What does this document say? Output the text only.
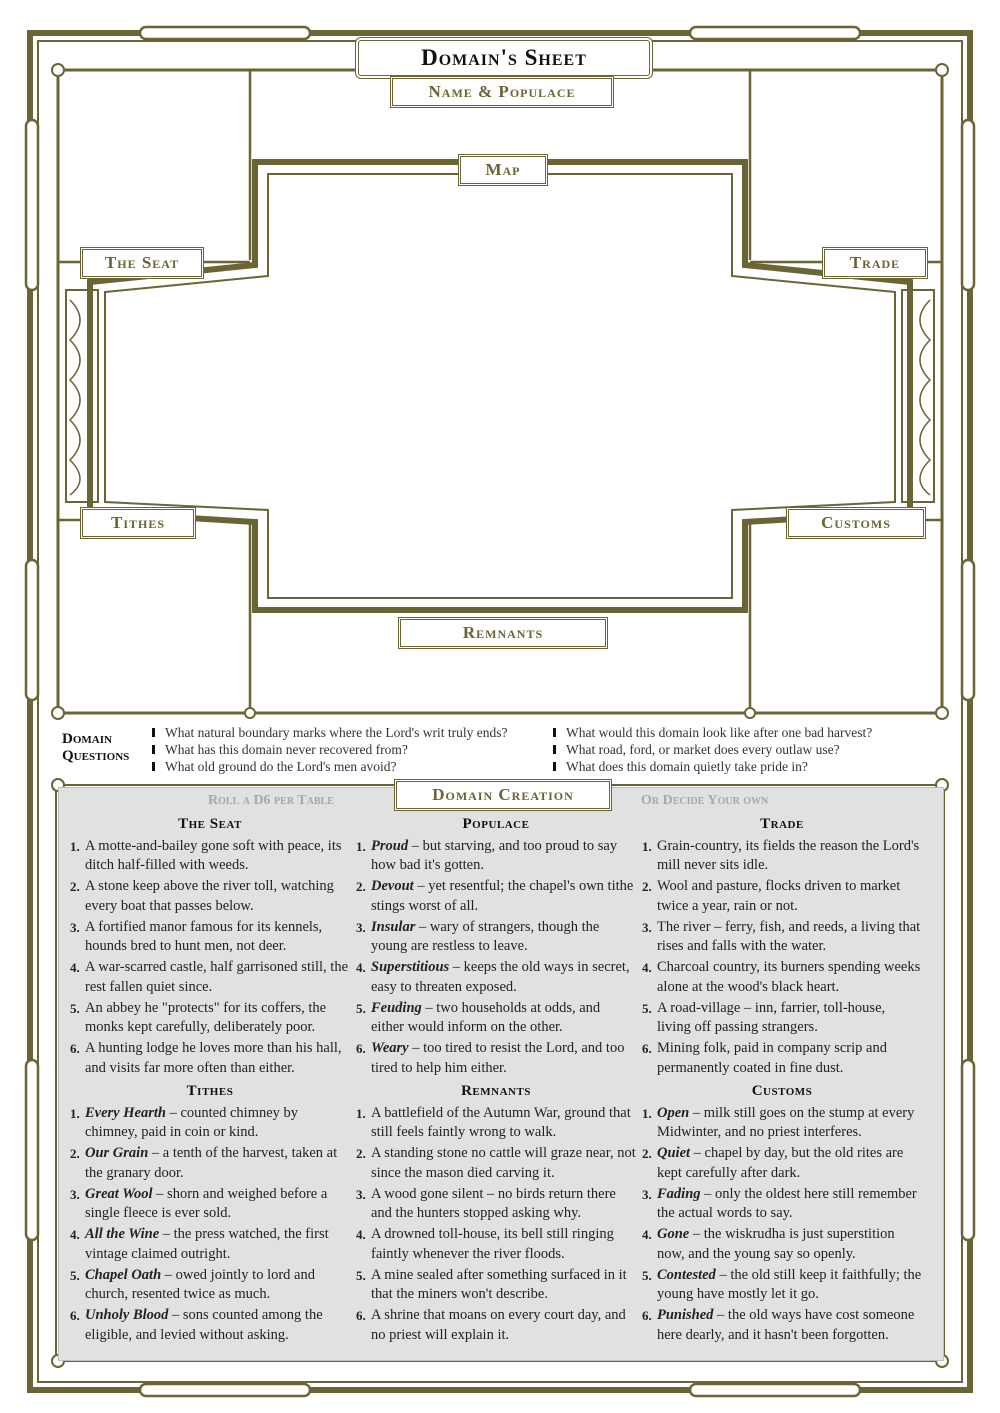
Domain's Sheet
Name & Populace
Map
The Seat	Trade
Tithes	Customs
Remnants
Domain Questions
What natural boundary marks where the Lord's writ truly ends?
What has this domain never recovered from?
What old ground do the Lord's men avoid?
What would this domain look like after one bad harvest?
What road, ford, or market does every outlaw use?
What does this domain quietly take pride in?
Domain Creation
Roll a D6 per Table	Or Decide Your own
The Seat
1. A motte-and-bailey gone soft with peace, its ditch half-filled with weeds.
2. A stone keep above the river toll, watching every boat that passes below.
3. A fortified manor famous for its kennels, hounds bred to hunt men, not deer.
4. A war-scarred castle, half garrisoned still, the rest fallen quiet since.
5. An abbey he "protects" for its coffers, the monks kept carefully, deliberately poor.
6. A hunting lodge he loves more than his hall, and visits far more often than either.
Populace
1. Proud – but starving, and too proud to say how bad it's gotten.
2. Devout – yet resentful; the chapel's own tithe stings worst of all.
3. Insular – wary of strangers, though the young are restless to leave.
4. Superstitious – keeps the old ways in secret, easy to threaten exposed.
5. Feuding – two households at odds, and either would inform on the other.
6. Weary – too tired to resist the Lord, and too tired to help him either.
Trade
1. Grain-country, its fields the reason the Lord's mill never sits idle.
2. Wool and pasture, flocks driven to market twice a year, rain or not.
3. The river – ferry, fish, and reeds, a living that rises and falls with the water.
4. Charcoal country, its burners spending weeks alone at the wood's black heart.
5. A road-village – inn, farrier, toll-house, living off passing strangers.
6. Mining folk, paid in company scrip and permanently coated in fine dust.
Tithes
1. Every Hearth – counted chimney by chimney, paid in coin or kind.
2. Our Grain – a tenth of the harvest, taken at the granary door.
3. Great Wool – shorn and weighed before a single fleece is ever sold.
4. All the Wine – the press watched, the first vintage claimed outright.
5. Chapel Oath – owed jointly to lord and church, resented twice as much.
6. Unholy Blood – sons counted among the eligible, and levied without asking.
Remnants
1. A battlefield of the Autumn War, ground that still feels faintly wrong to walk.
2. A standing stone no cattle will graze near, not since the mason died carving it.
3. A wood gone silent – no birds return there and the hunters stopped asking why.
4. A drowned toll-house, its bell still ringing faintly whenever the river floods.
5. A mine sealed after something surfaced in it that the miners won't describe.
6. A shrine that moans on every court day, and no priest will explain it.
Customs
1. Open – milk still goes on the stump at every Midwinter, and no priest interferes.
2. Quiet – chapel by day, but the old rites are kept carefully after dark.
3. Fading – only the oldest here still remember the actual words to say.
4. Gone – the wiskrudha is just superstition now, and the young say so openly.
5. Contested – the old still keep it faithfully; the young have mostly let it go.
6. Punished – the old ways have cost someone here dearly, and it hasn't been forgotten.
